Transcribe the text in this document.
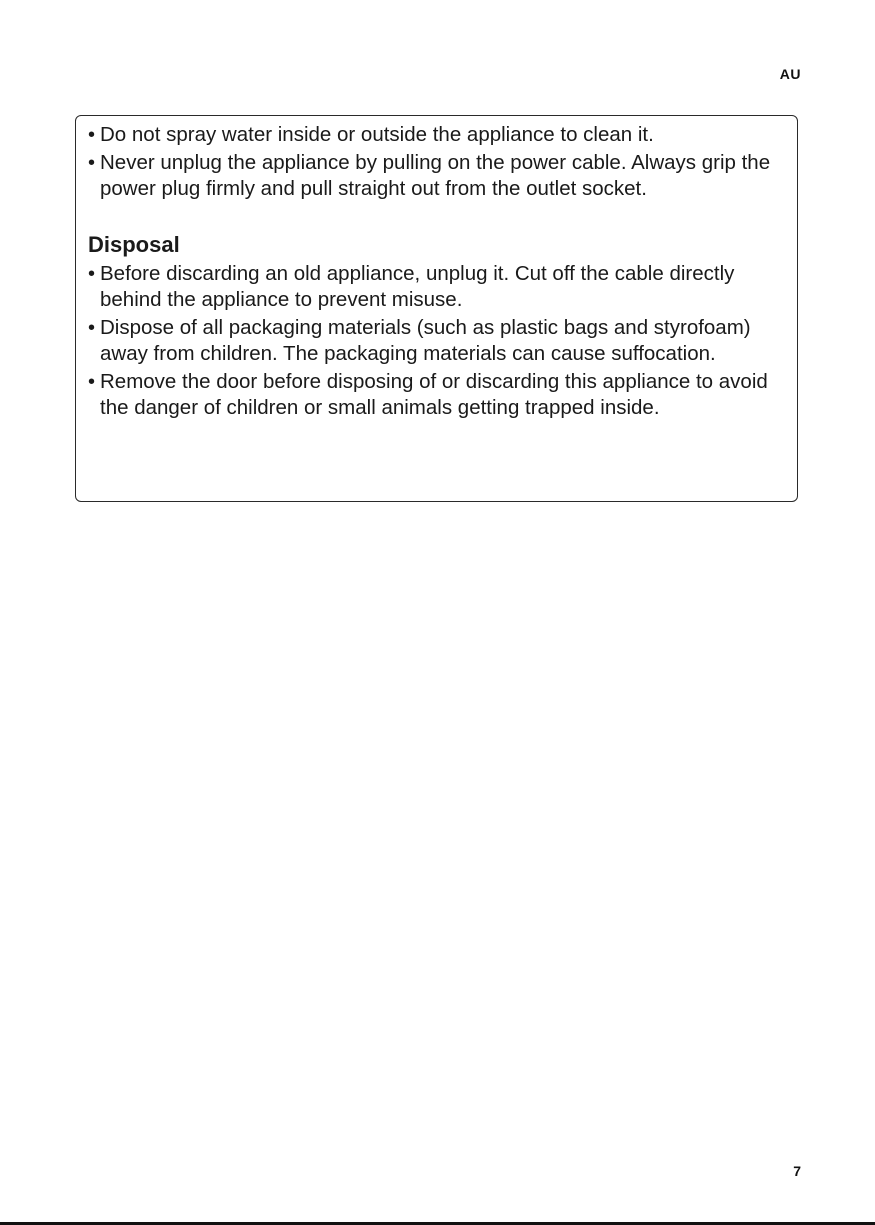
AU
• Do not spray water inside or outside the appliance to clean it.
• Never unplug the appliance by pulling on the power cable. Always grip the power plug firmly and pull straight out from the outlet socket.
Disposal
• Before discarding an old appliance, unplug it. Cut off the cable directly behind the appliance to prevent misuse.
• Dispose of all packaging materials (such as plastic bags and styrofoam) away from children. The packaging materials can cause suffocation.
• Remove the door before disposing of or discarding this appliance to avoid the danger of children or small animals getting trapped inside.
7
